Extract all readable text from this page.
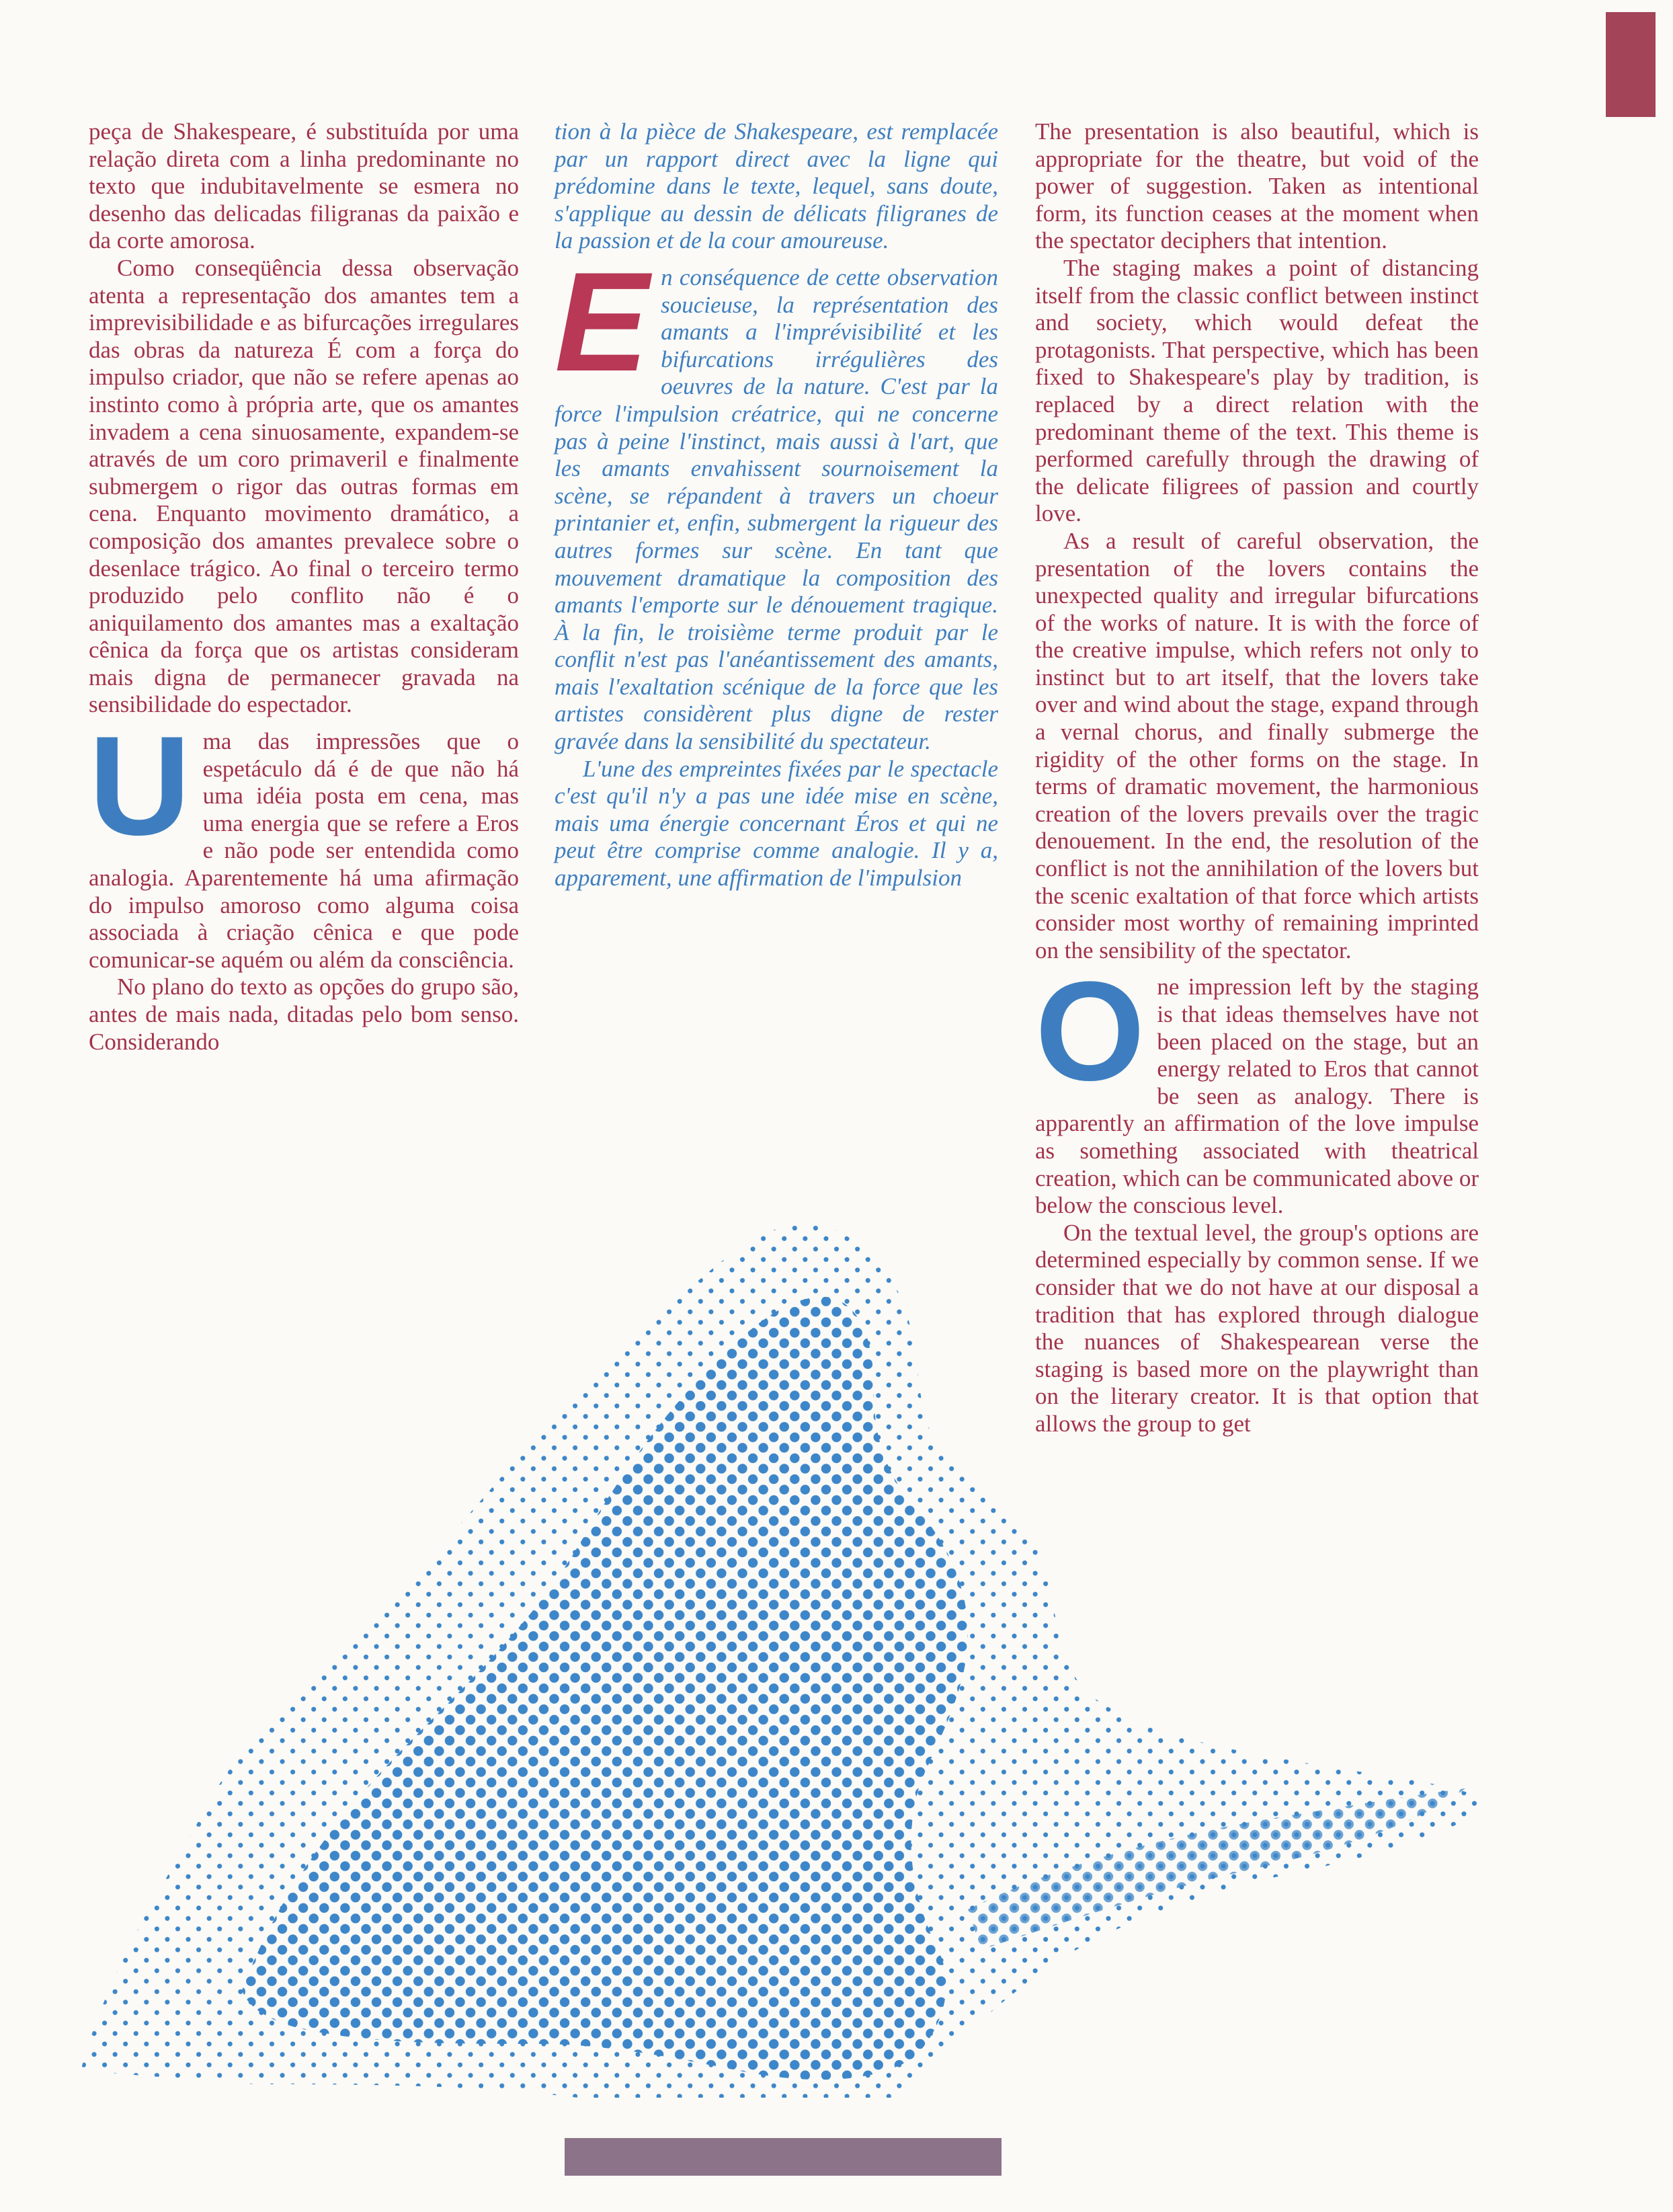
peça de Shakespeare, é substituída por uma relação direta com a linha predominante no texto que indubitavelmente se esmera no desenho das delicadas filigranas da paixão e da corte amorosa.

Como conseqüência dessa observação atenta a representação dos amantes tem a imprevisibilidade e as bifurcações irregulares das obras da natureza É com a força do impulso criador, que não se refere apenas ao instinto como à própria arte, que os amantes invadem a cena sinuosamente, expandem-se através de um coro primaveril e finalmente submergem o rigor das outras formas em cena. Enquanto movimento dramático, a composição dos amantes prevalece sobre o desenlace trágico. Ao final o terceiro termo produzido pelo conflito não é o aniquilamento dos amantes mas a exaltação cênica da força que os artistas consideram mais digna de permanecer gravada na sensibilidade do espectador.

U ma das impressões que o espetáculo dá é de que não há uma idéia posta em cena, mas uma energia que se refere a Eros e não pode ser entendida como analogia. Aparentemente há uma afirmação do impulso amoroso como alguma coisa associada à criação cênica e que pode comunicar-se aquém ou além da consciência.

No plano do texto as opções do grupo são, antes de mais nada, ditadas pelo bom senso. Considerando

tion à la pièce de Shakespeare, est remplacée par un rapport direct avec la ligne qui prédomine dans le texte, lequel, sans doute, s'applique au dessin de délicats filigranes de la passion et de la cour amoureuse.

E n conséquence de cette observation soucieuse, la représentation des amants a l'imprévisibilité et les bifurcations irrégulières des oeuvres de la nature. C'est par la force l'impulsion créatrice, qui ne concerne pas à peine l'instinct, mais aussi à l'art, que les amants envahissent sournoisement la scène, se répandent à travers un choeur printanier et, enfin, submergent la rigueur des autres formes sur scène. En tant que mouvement dramatique la composition des amants l'emporte sur le dénouement tragique. À la fin, le troisième terme produit par le conflit n'est pas l'anéantissement des amants, mais l'exaltation scénique de la force que les artistes considèrent plus digne de rester gravée dans la sensibilité du spectateur.

L'une des empreintes fixées par le spectacle c'est qu'il n'y a pas une idée mise en scène, mais uma énergie concernant Éros et qui ne peut être comprise comme analogie. Il y a, apparement, une affirmation de l'impulsion

The presentation is also beautiful, which is appropriate for the theatre, but void of the power of suggestion. Taken as intentional form, its function ceases at the moment when the spectator deciphers that intention.

The staging makes a point of distancing itself from the classic conflict between instinct and society, which would defeat the protagonists. That perspective, which has been fixed to Shakespeare's play by tradition, is replaced by a direct relation with the predominant theme of the text. This theme is performed carefully through the drawing of the delicate filigrees of passion and courtly love.

As a result of careful observation, the presentation of the lovers contains the unexpected quality and irregular bifurcations of the works of nature. It is with the force of the creative impulse, which refers not only to instinct but to art itself, that the lovers take over and wind about the stage, expand through a vernal chorus, and finally submerge the rigidity of the other forms on the stage. In terms of dramatic movement, the harmonious creation of the lovers prevails over the tragic denouement. In the end, the resolution of the conflict is not the annihilation of the lovers but the scenic exaltation of that force which artists consider most worthy of remaining imprinted on the sensibility of the spectator.

O ne impression left by the staging is that ideas themselves have not been placed on the stage, but an energy related to Eros that cannot be seen as analogy. There is apparently an affirmation of the love impulse as something associated with theatrical creation, which can be communicated above or below the conscious level.

On the textual level, the group's options are determined especially by common sense. If we consider that we do not have at our disposal a tradition that has explored through dialogue the nuances of Shakespearean verse the staging is based more on the playwright than on the literary creator. It is that option that allows the group to get
